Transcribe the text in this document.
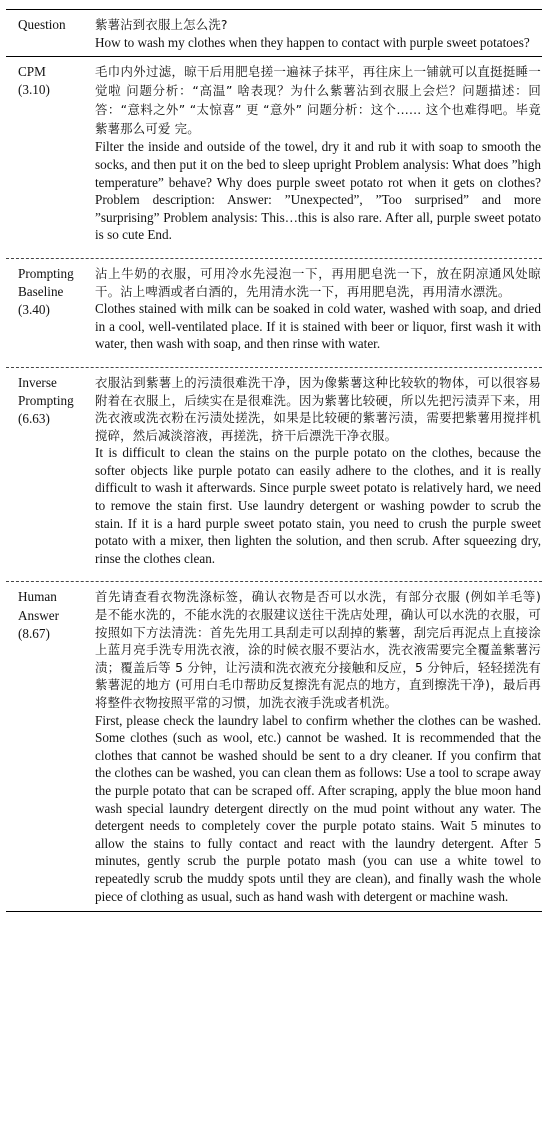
Question	紫薯沾到衣服上怎么洗?
How to wash my clothes when they happen to contact with purple sweet potatoes?
CPM
(3.10)
毛巾内外过滤，晾干后用肥皂搓一遍袜子抹平，再往床上一铺就可以直挺挺睡一觉啦 问题分析：“高温” 啥表现？为什么紫薯沾到衣服上会烂？问题描述：回答：“意料之外” “太惊喜” 更 “意外” 问题分析：这个…… 这个也难得吧。毕竟紫薯那么可爱 完。
Filter the inside and outside of the towel, dry it and rub it with soap to smooth the socks, and then put it on the bed to sleep upright Problem analysis: What does ”high temperature” behave? Why does purple sweet potato rot when it gets on clothes? Problem description: Answer: ”Unexpected”, ”Too surprised” and more ”surprising” Problem analysis: This…this is also rare. After all, purple sweet potato is so cute End.
Prompting Baseline
(3.40)
沾上牛奶的衣服，可用冷水先浸泡一下，再用肥皂洗一下，放在阴凉通风处晾干。沾上啤酒或者白酒的，先用清水洗一下，再用肥皂洗，再用清水漂洗。
Clothes stained with milk can be soaked in cold water, washed with soap, and dried in a cool, well-ventilated place. If it is stained with beer or liquor, first wash it with water, then wash with soap, and then rinse with water.
Inverse Prompting
(6.63)
衣服沾到紫薯上的污渍很难洗干净，因为像紫薯这种比较软的物体，可以很容易附着在衣服上，后续实在是很难洗。因为紫薯比较硬，所以先把污渍弄下来，用洗衣液或洗衣粉在污渍处搓洗，如果是比较硬的紫薯污渍，需要把紫薯用搅拌机搅碎，然后减淡溶液，再搓洗，挤干后漂洗干净衣服。
It is difficult to clean the stains on the purple potato on the clothes, because the softer objects like purple potato can easily adhere to the clothes, and it is really difficult to wash it afterwards. Since purple sweet potato is relatively hard, we need to remove the stain first. Use laundry detergent or washing powder to scrub the stain. If it is a hard purple sweet potato stain, you need to crush the purple sweet potato with a mixer, then lighten the solution, and then scrub. After squeezing dry, rinse the clothes clean.
Human Answer
(8.67)
首先请查看衣物洗涤标签，确认衣物是否可以水洗，有部分衣服 (例如羊毛等) 是不能水洗的，不能水洗的衣服建议送往干洗店处理，确认可以水洗的衣服，可按照如下方法清洗：首先先用工具刮走可以刮掉的紫薯，刮完后再泥点上直接涂上蓝月亮手洗专用洗衣液，涂的时候衣服不要沾水，洗衣液需要完全覆盖紫薯污渍；覆盖后等 5 分钟，让污渍和洗衣液充分接触和反应，5 分钟后，轻轻搓洗有紫薯泥的地方 (可用白毛巾帮助反复擦洗有泥点的地方，直到擦洗干净)，最后再将整件衣物按照平常的习惯，加洗衣液手洗或者机洗。
First, please check the laundry label to confirm whether the clothes can be washed. Some clothes (such as wool, etc.) cannot be washed. It is recommended that the clothes that cannot be washed should be sent to a dry cleaner. If you confirm that the clothes can be washed, you can clean them as follows: Use a tool to scrape away the purple potato that can be scraped off. After scraping, apply the blue moon hand wash special laundry detergent directly on the mud point without any water. The detergent needs to completely cover the purple potato stains. Wait 5 minutes to allow the stains to fully contact and react with the laundry detergent. After 5 minutes, gently scrub the purple potato mash (you can use a white towel to repeatedly scrub the muddy spots until they are clean), and finally wash the whole piece of clothing as usual, such as hand wash with detergent or machine wash.
